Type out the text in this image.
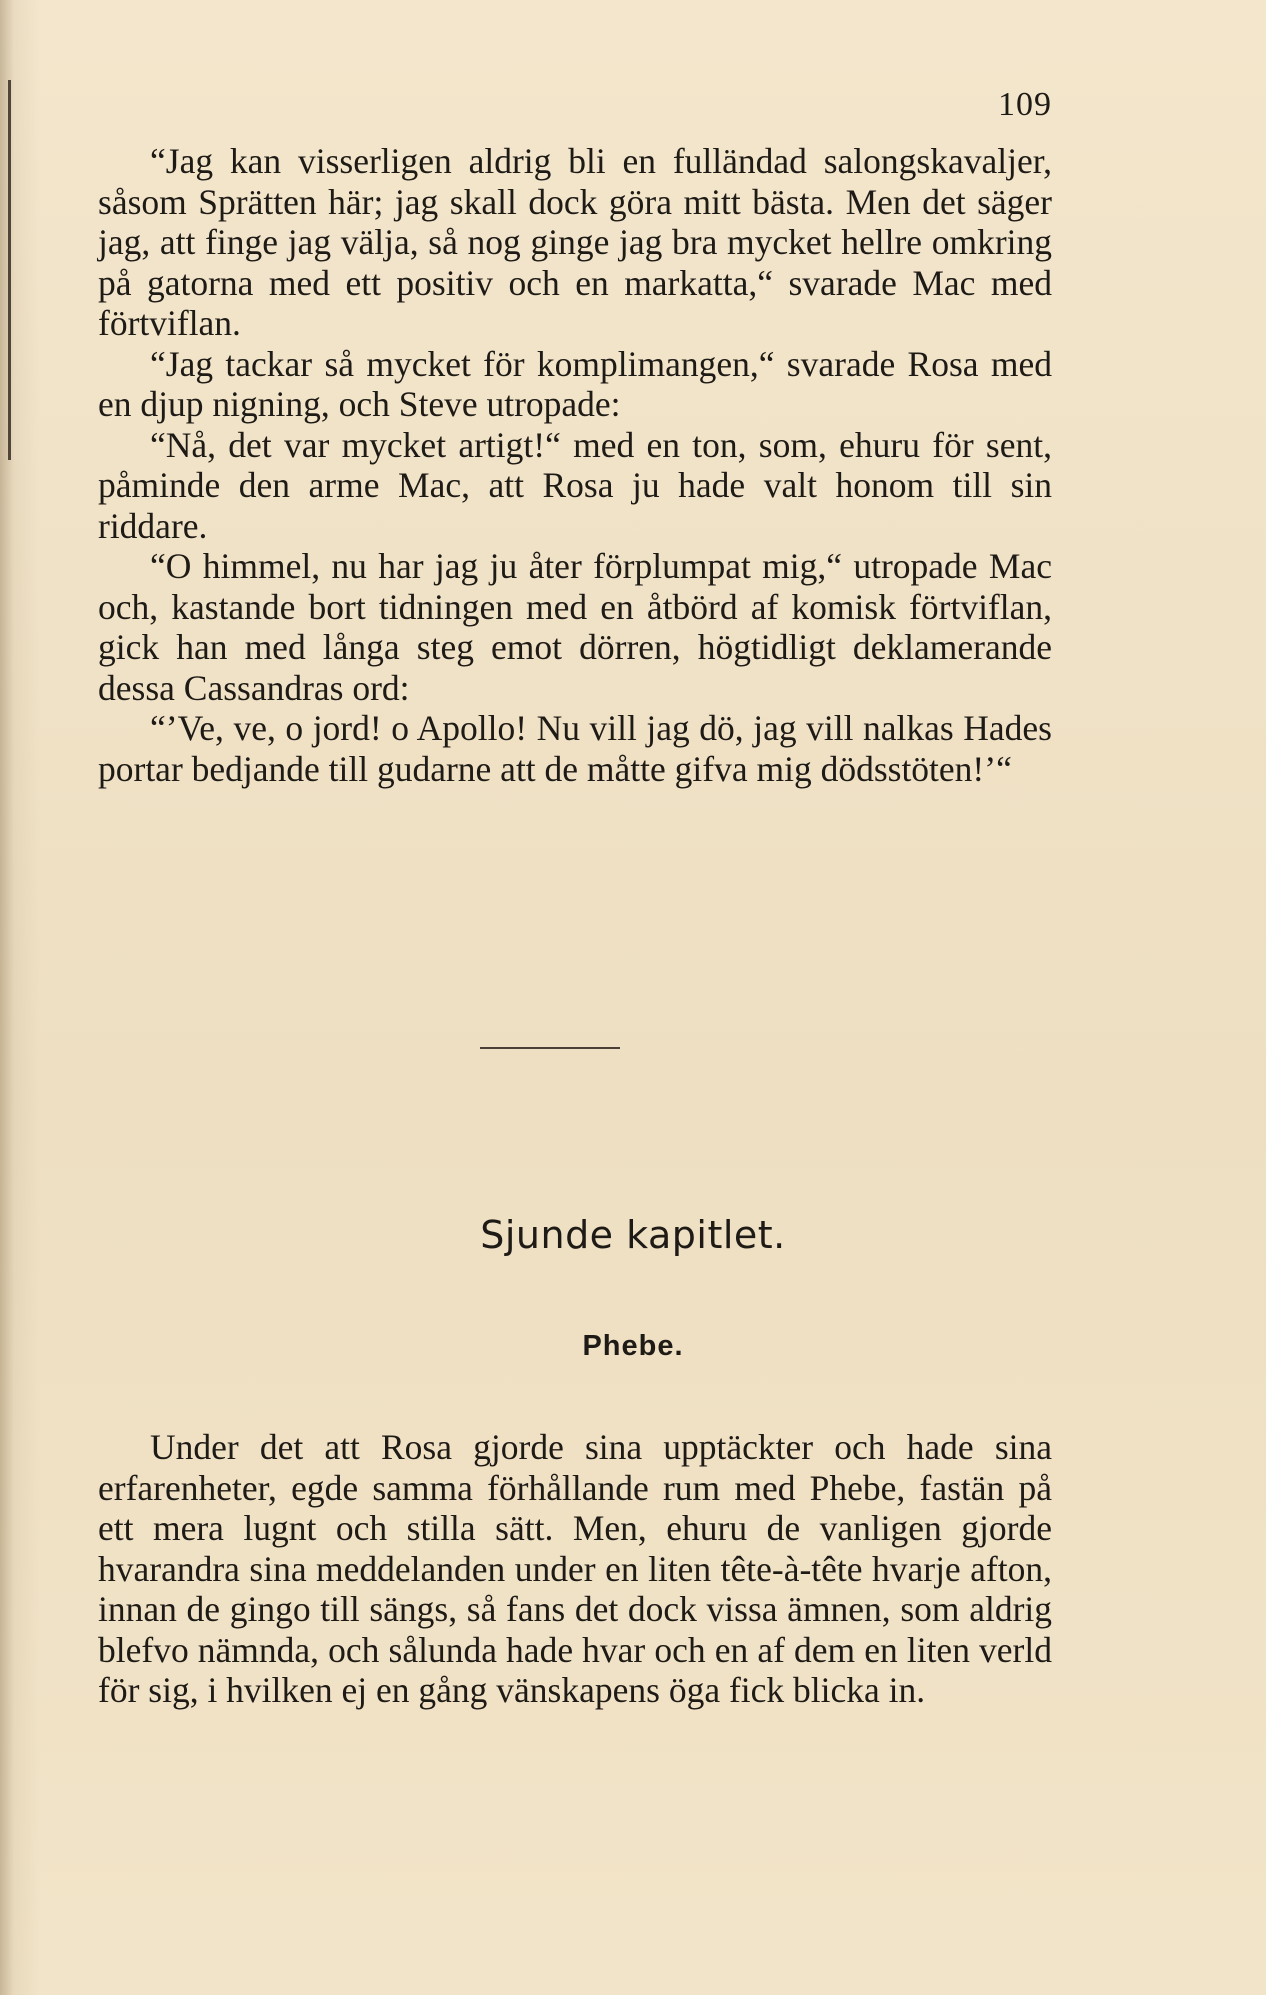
109

“Jag kan visserligen aldrig bli en fulländad salongskavaljer, såsom Sprätten här; jag skall dock göra mitt bästa. Men det säger jag, att finge jag välja, så nog ginge jag bra mycket hellre omkring på gatorna med ett positiv och en markatta,“ svarade Mac med förtviflan.

“Jag tackar så mycket för komplimangen,“ svarade Rosa med en djup nigning, och Steve utropade:

“Nå, det var mycket artigt!“ med en ton, som, ehuru för sent, påminde den arme Mac, att Rosa ju hade valt honom till sin riddare.

“O himmel, nu har jag ju åter förplumpat mig,“ utropade Mac och, kastande bort tidningen med en åtbörd af komisk förtviflan, gick han med långa steg emot dörren, högtidligt deklamerande dessa Cassandras ord:

“’Ve, ve, o jord! o Apollo! Nu vill jag dö, jag vill nalkas Hades portar bedjande till gudarne att de måtte gifva mig dödsstöten!’“

Sjunde kapitlet.
Phebe.

Under det att Rosa gjorde sina upptäckter och hade sina erfarenheter, egde samma förhållande rum med Phebe, fastän på ett mera lugnt och stilla sätt. Men, ehuru de vanligen gjorde hvarandra sina meddelanden under en liten tête-à-tête hvarje afton, innan de gingo till sängs, så fans det dock vissa ämnen, som aldrig blefvo nämnda, och sålunda hade hvar och en af dem en liten verld för sig, i hvilken ej en gång vänskapens öga fick blicka in.
